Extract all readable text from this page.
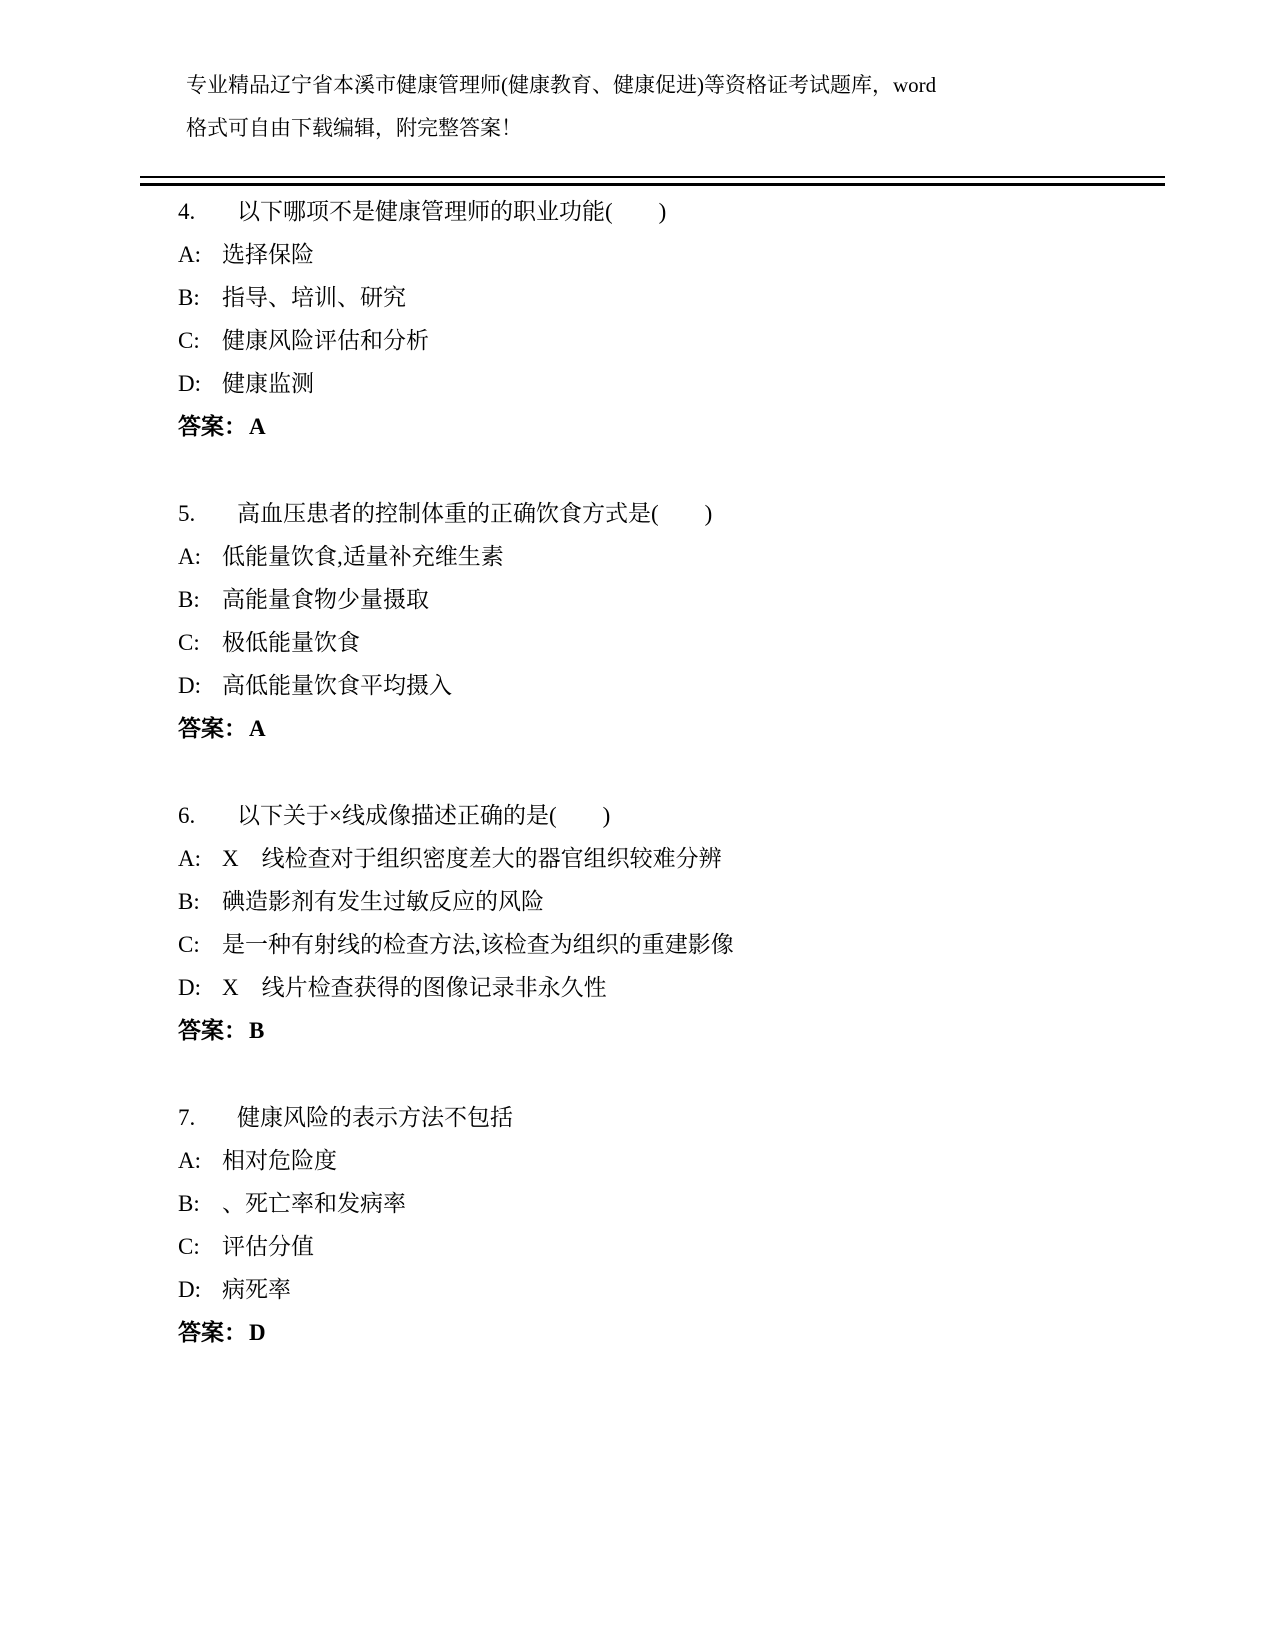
专业精品辽宁省本溪市健康管理师(健康教育、健康促进)等资格证考试题库，word
格式可自由下载编辑，附完整答案！

4. 以下哪项不是健康管理师的职业功能(　　)

A: 选择保险

B: 指导、培训、研究

C: 健康风险评估和分析

D: 健康监测

答案：A

5. 高血压患者的控制体重的正确饮食方式是(　　)

A: 低能量饮食,适量补充维生素

B: 高能量食物少量摄取

C: 极低能量饮食

D: 高低能量饮食平均摄入

答案：A

6. 以下关于×线成像描述正确的是(　　)

A: X　线检查对于组织密度差大的器官组织较难分辨

B: 碘造影剂有发生过敏反应的风险

C: 是一种有射线的检查方法,该检查为组织的重建影像

D: X　线片检查获得的图像记录非永久性

答案：B

7. 健康风险的表示方法不包括

A: 相对危险度

B: 、死亡率和发病率

C: 评估分值

D: 病死率

答案：D
